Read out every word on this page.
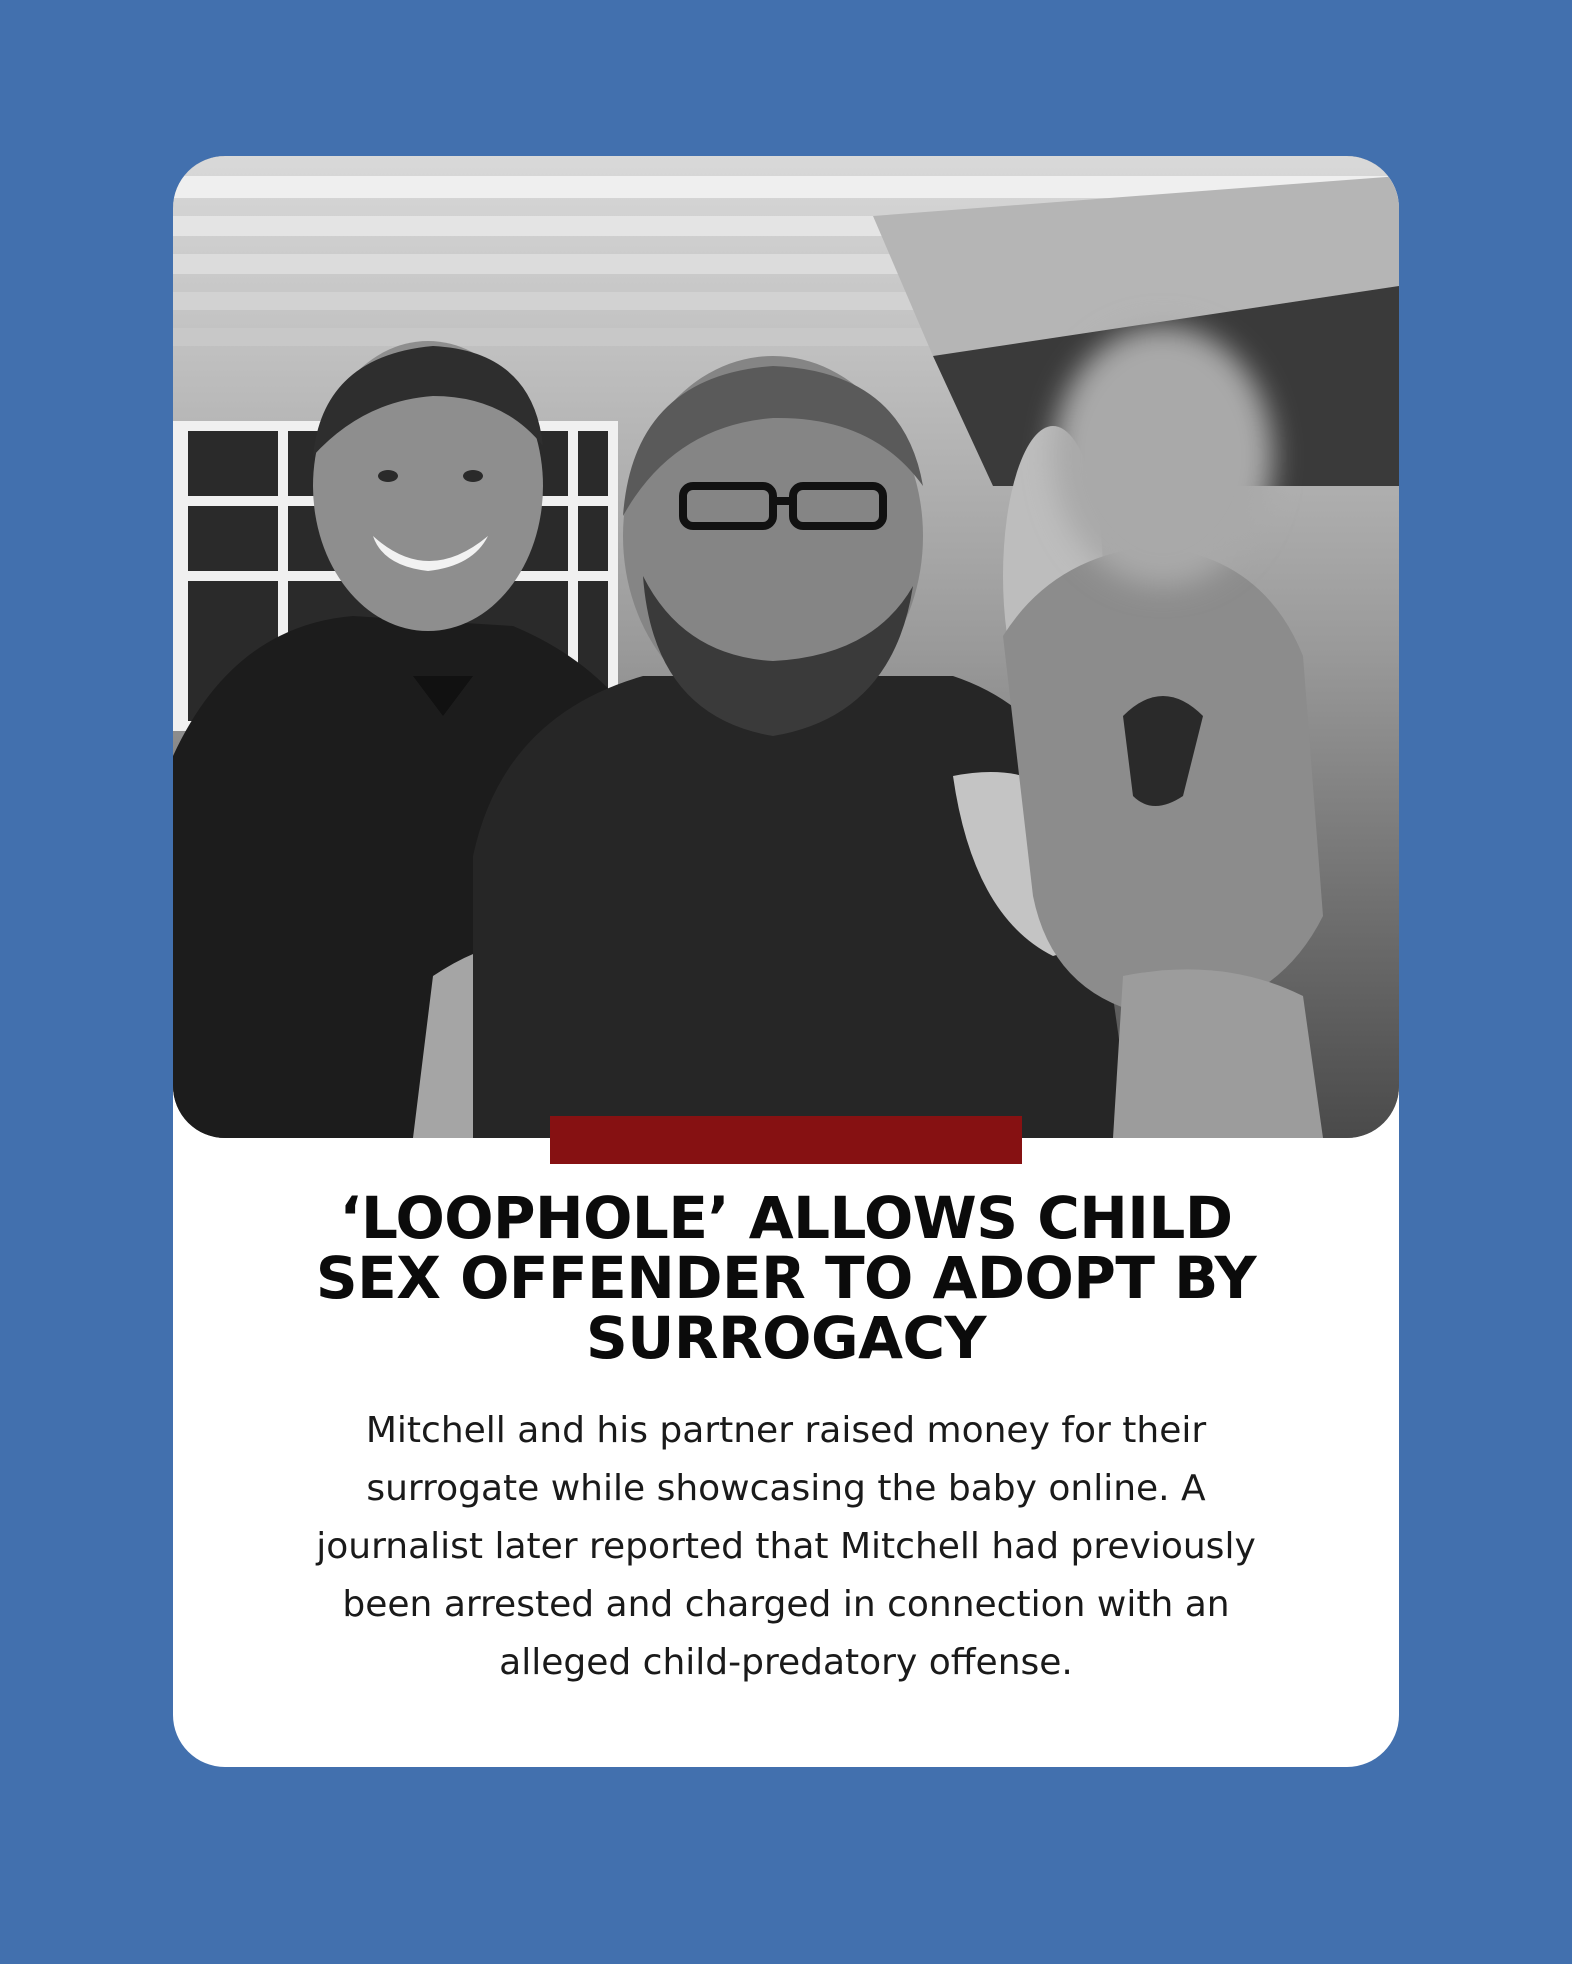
‘LOOPHOLE’ ALLOWS CHILD
SEX OFFENDER TO ADOPT BY
SURROGACY

Mitchell and his partner raised money for their
surrogate while showcasing the baby online. A
journalist later reported that Mitchell had previously
been arrested and charged in connection with an
alleged child-predatory offense.
